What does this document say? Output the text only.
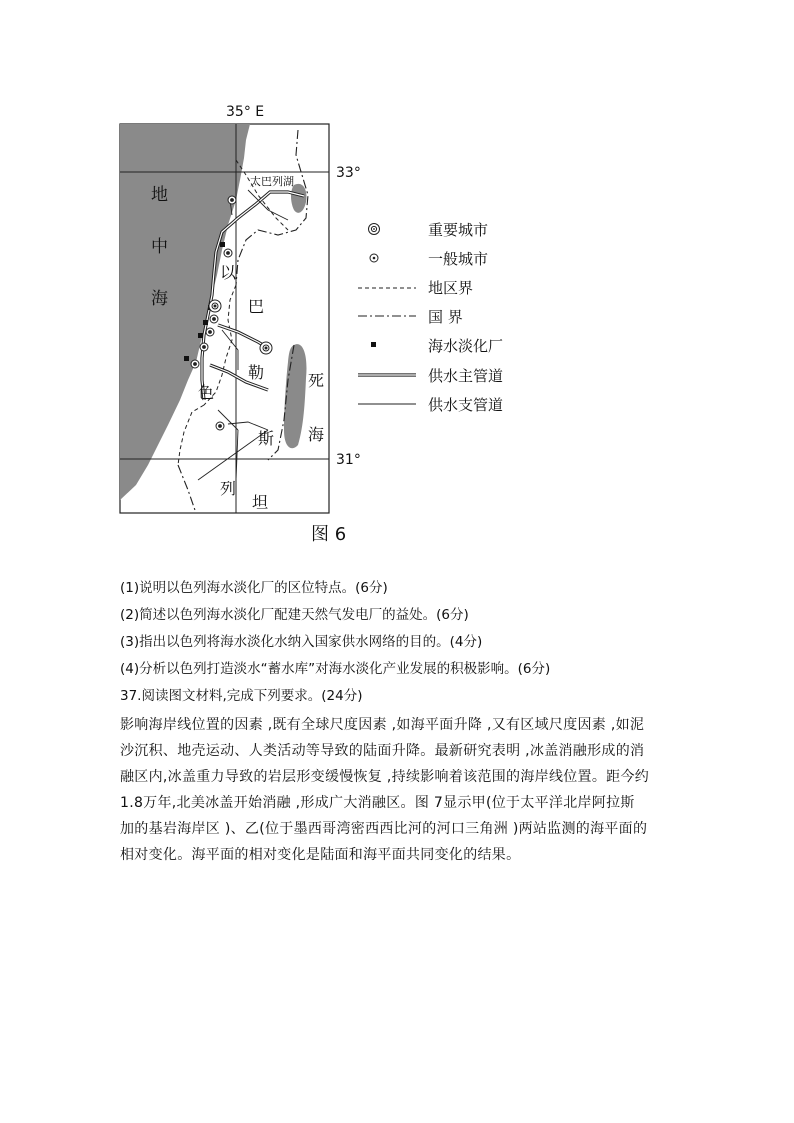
35° E
33°
31°
太巴列湖
地
中
海
以
色
列
巴
勒
斯
坦
死
海
重要城市
一般城市
地区界
国 界
海水淡化厂
供水主管道
供水支管道
图 6
(1)说明以色列海水淡化厂的区位特点。(6分)
(2)简述以色列海水淡化厂配建天然气发电厂的益处。(6分)
(3)指出以色列将海水淡化水纳入国家供水网络的目的。(4分)
(4)分析以色列打造淡水“蓄水库”对海水淡化产业发展的积极影响。(6分)
37.阅读图文材料,完成下列要求。(24分)

影响海岸线位置的因素 ,既有全球尺度因素 ,如海平面升降 ,又有区域尺度因素 ,如泥

沙沉积、地壳运动、人类活动等导致的陆面升降。最新研究表明 ,冰盖消融形成的消

融区内,冰盖重力导致的岩层形变缓慢恢复 ,持续影响着该范围的海岸线位置。距今约

1.8万年,北美冰盖开始消融 ,形成广大消融区。图 7显示甲(位于太平洋北岸阿拉斯

加的基岩海岸区 )、乙(位于墨西哥湾密西西比河的河口三角洲 )两站监测的海平面的

相对变化。海平面的相对变化是陆面和海平面共同变化的结果。
